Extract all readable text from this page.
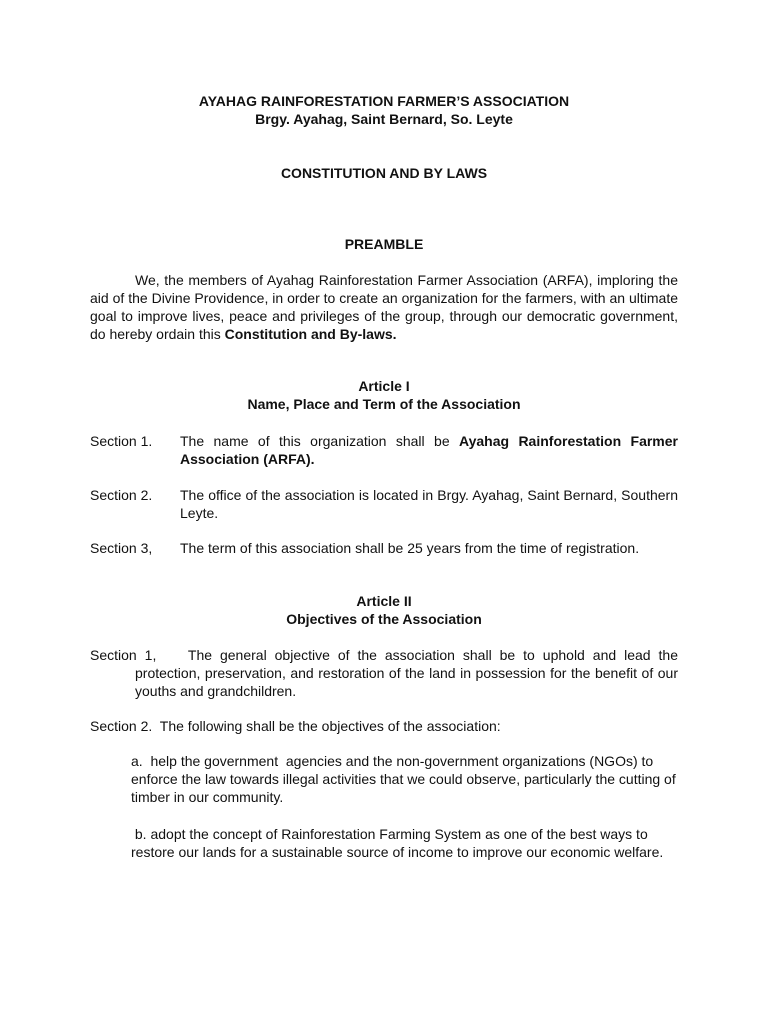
AYAHAG RAINFORESTATION FARMER’S ASSOCIATION
Brgy. Ayahag, Saint Bernard, So. Leyte
CONSTITUTION AND BY LAWS
PREAMBLE
We, the members of Ayahag Rainforestation Farmer Association (ARFA), imploring the aid of the Divine Providence, in order to create an organization for the farmers, with an ultimate goal to improve lives, peace and privileges of the group, through our democratic government, do hereby ordain this Constitution and By-laws.
Article I
Name, Place and Term of the Association
Section 1. The name of this organization shall be Ayahag Rainforestation Farmer Association (ARFA).
Section 2. The office of the association is located in Brgy. Ayahag, Saint Bernard, Southern Leyte.
Section 3, The term of this association shall be 25 years from the time of registration.
Article II
Objectives of the Association
Section 1,    The general objective of the association shall be to uphold and lead the protection, preservation, and restoration of the land in possession for the benefit of our youths and grandchildren.
Section 2.  The following shall be the objectives of the association:
a.  help the government  agencies and the non-government organizations (NGOs) to enforce the law towards illegal activities that we could observe, particularly the cutting of timber in our community.
b. adopt the concept of Rainforestation Farming System as one of the best ways to restore our lands for a sustainable source of income to improve our economic welfare.
